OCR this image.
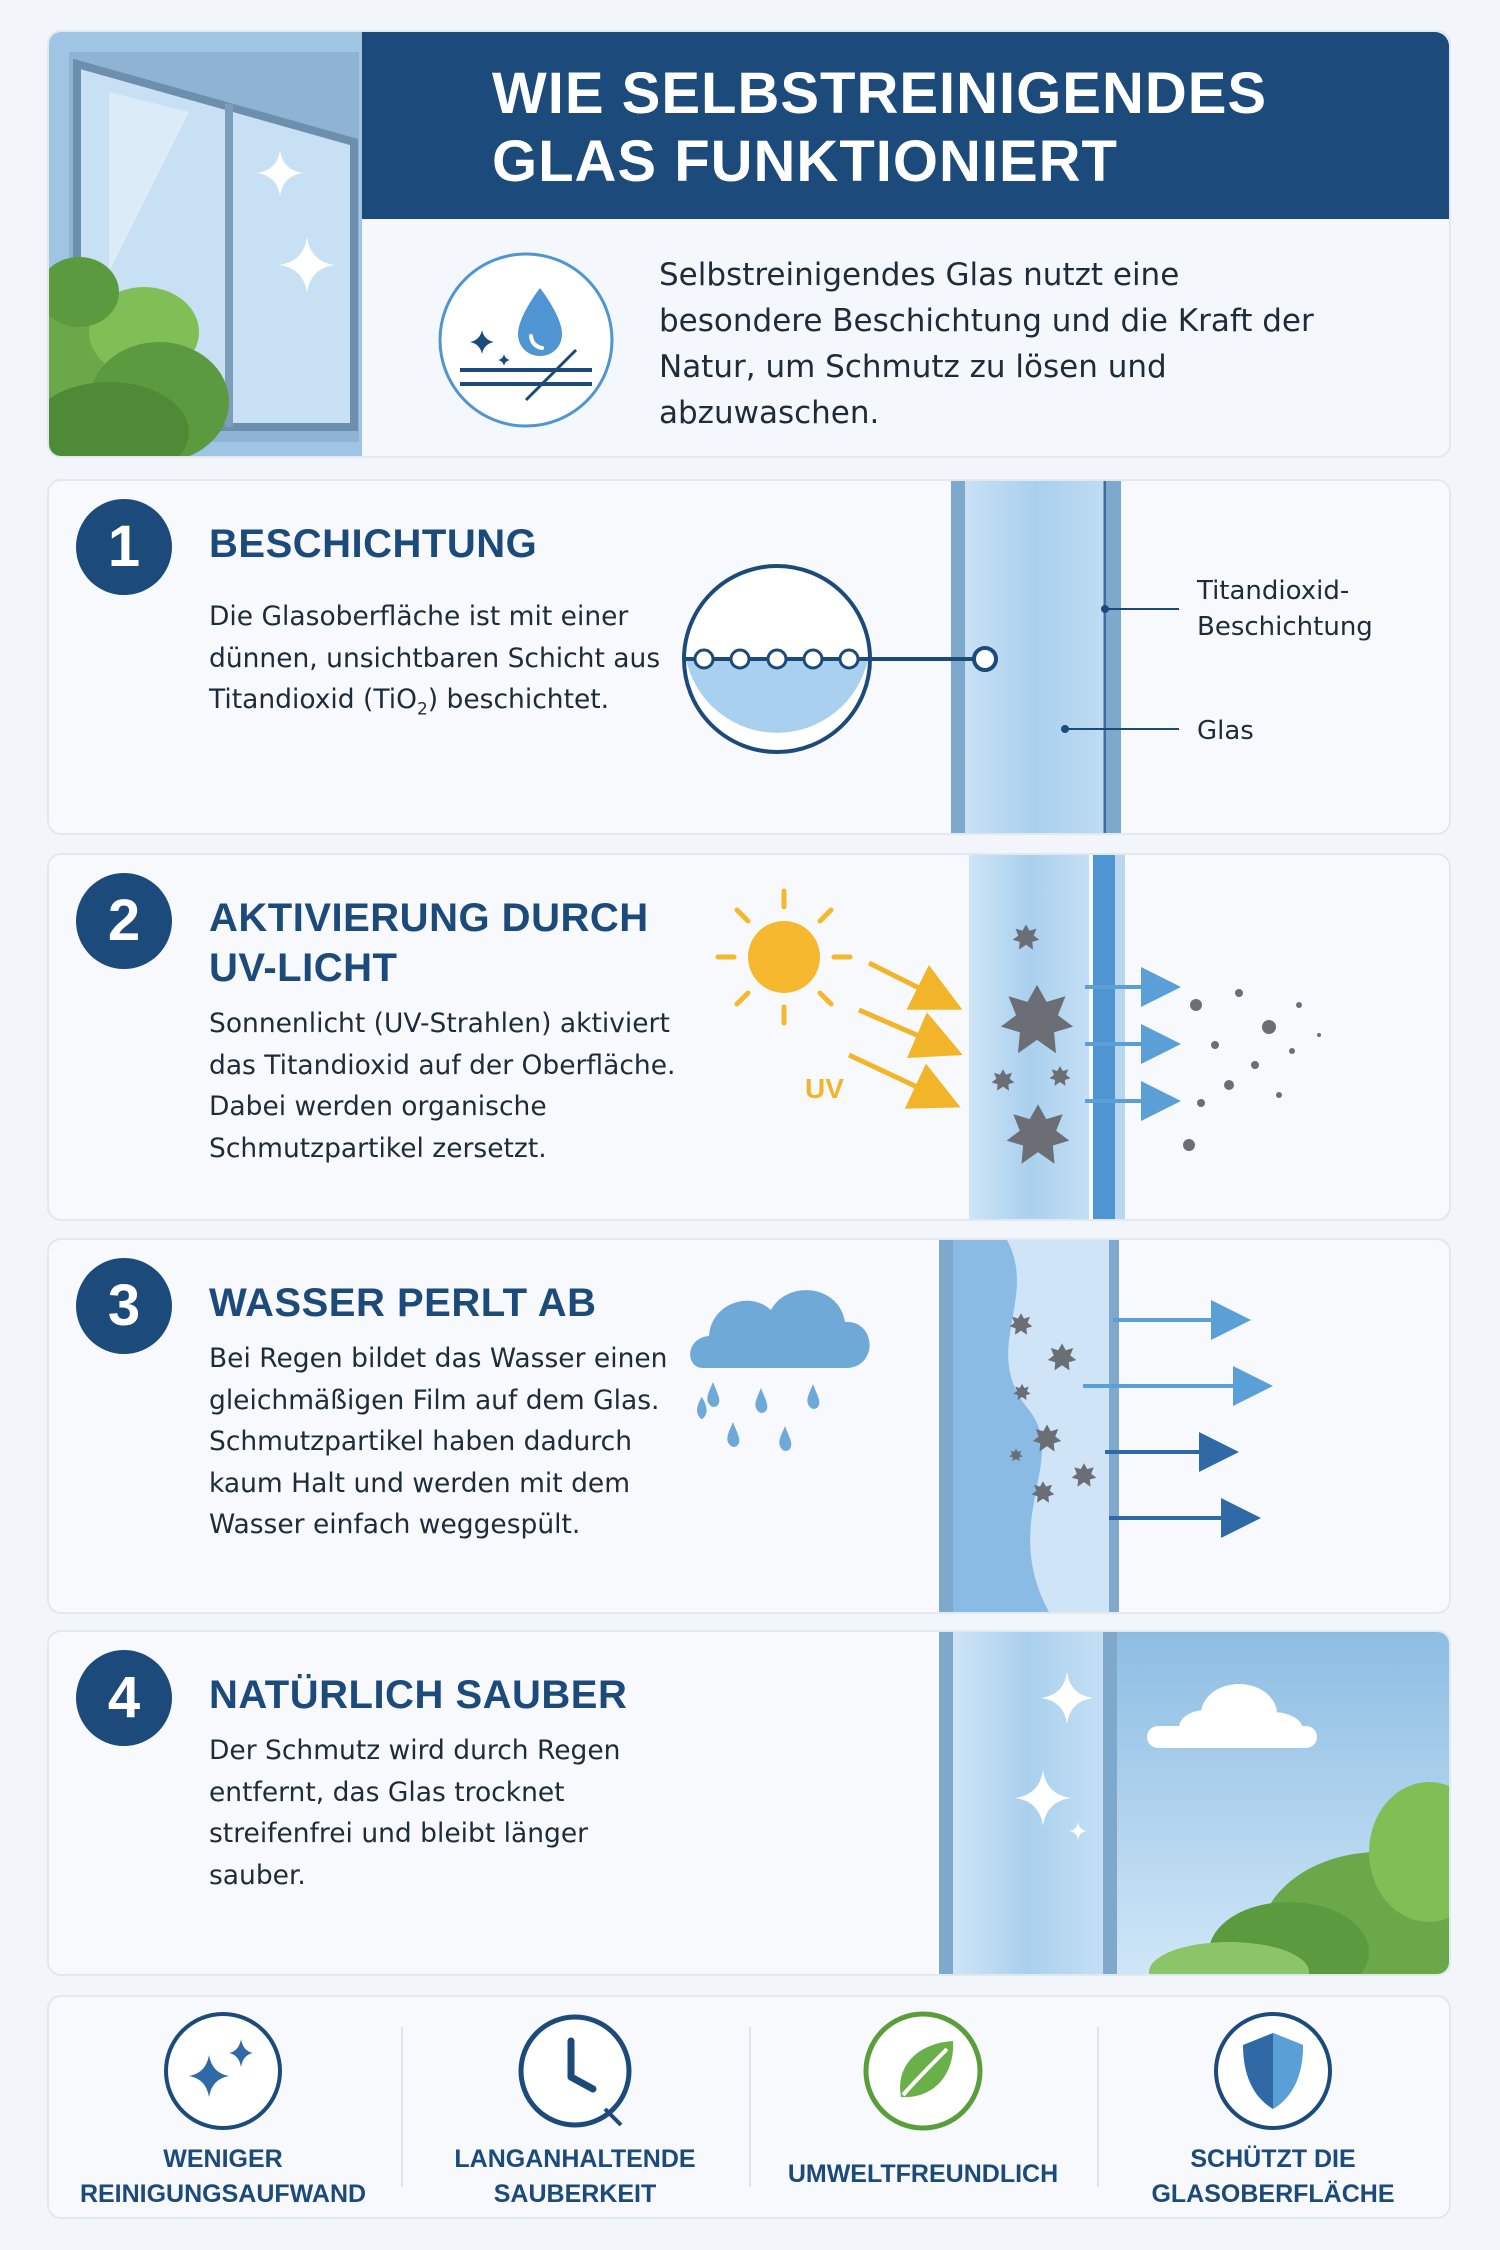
WIE SELBSTREINIGENDES
GLAS FUNKTIONIERT
Selbstreinigendes Glas nutzt eine besondere Beschichtung und die Kraft der Natur, um Schmutz zu lösen und abzuwaschen.
1	BESCHICHTUNG
Die Glasoberfläche ist mit einer dünnen, unsichtbaren Schicht aus Titandioxid (TiO$_2$) beschichtet.
Titandioxid-
Beschichtung
Glas
2	AKTIVIERUNG DURCH UV-LICHT
Sonnenlicht (UV-Strahlen) aktiviert das Titandioxid auf der Oberfläche. Dabei werden organische Schmutzpartikel zersetzt.
UV
3	WASSER PERLT AB
Bei Regen bildet das Wasser einen gleichmäßigen Film auf dem Glas. Schmutzpartikel haben dadurch kaum Halt und werden mit dem Wasser einfach weggespült.
4	NATÜRLICH SAUBER
Der Schmutz wird durch Regen entfernt, das Glas trocknet streifenfrei und bleibt länger sauber.
WENIGER REINIGUNGSAUFWAND
LANGANHALTENDE SAUBERKEIT
UMWELTFREUNDLICH
SCHÜTZT DIE GLASOBERFLÄCHE
